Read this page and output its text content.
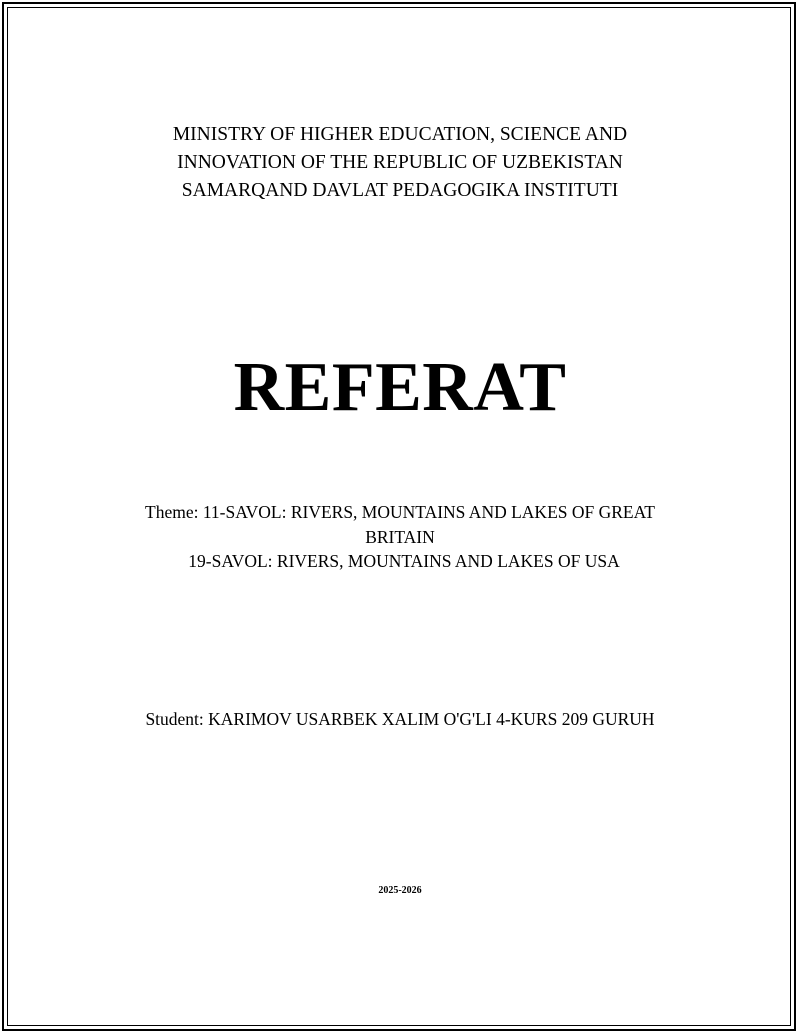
MINISTRY OF HIGHER EDUCATION, SCIENCE AND
INNOVATION OF THE REPUBLIC OF UZBEKISTAN
SAMARQAND DAVLAT PEDAGOGIKA INSTITUTI
REFERAT
Theme: 11-SAVOL: RIVERS, MOUNTAINS AND LAKES OF GREAT
BRITAIN
19-SAVOL: RIVERS, MOUNTAINS AND LAKES OF USA
Student: KARIMOV USARBEK XALIM O'G'LI 4-KURS 209 GURUH
2025-2026
